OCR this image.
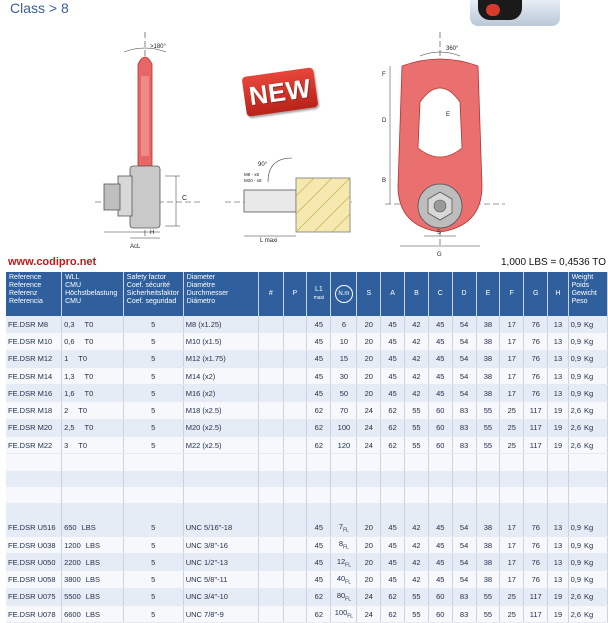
Class > 8
>180°
C
AcL
H
90°
M8 - x8
M20 - x8
L maxi
360°
F
D
E
B
S
G
NEW
www.codipro.net	1,000 LBS = 0,4536 TO
Reference
Reference
Referenz
Referencia	WLL
CMU
Höchstbelastung
CMU	Safety factor
Coef. sécurité
Sicherheitsfaktor
Coef. seguridad	Diameter
Diamètre
Durchmesser
Diámetro	#	P	L1
maxi	N.m	S	A	B	C	D	E	F	G	H	Weight
Poids
Gewicht
Peso
FE.DSR M8	0,3 T0	5	M8 (x1.25)			45	6	20	45	42	45	54	38	17	76	13	0,9 Kg
FE.DSR M10	0,6 T0	5	M10 (x1.5)			45	10	20	45	42	45	54	38	17	76	13	0,9 Kg
FE.DSR M12	1 T0	5	M12 (x1.75)			45	15	20	45	42	45	54	38	17	76	13	0,9 Kg
FE.DSR M14	1,3 T0	5	M14 (x2)			45	30	20	45	42	45	54	38	17	76	13	0,9 Kg
FE.DSR M16	1,6 T0	5	M16 (x2)			45	50	20	45	42	45	54	38	17	76	13	0,9 Kg
FE.DSR M18	2 T0	5	M18 (x2.5)			62	70	24	62	55	60	83	55	25	117	19	2,6 Kg
FE.DSR M20	2,5 T0	5	M20 (x2.5)			62	100	24	62	55	60	83	55	25	117	19	2,6 Kg
FE.DSR M22	3 T0	5	M22 (x2.5)			62	120	24	62	55	60	83	55	25	117	19	2,6 Kg

FE.DSR U516	650 LBS	5	UNC 5/16"-18			45	$7_{FL}$	20	45	42	45	54	38	17	76	13	0,9 Kg
FE.DSR U038	1200 LBS	5	UNC 3/8"-16			45	$8_{FL}$	20	45	42	45	54	38	17	76	13	0,9 Kg
FE.DSR U050	2200 LBS	5	UNC 1/2"-13			45	$12_{FL}$	20	45	42	45	54	38	17	76	13	0,9 Kg
FE.DSR U058	3800 LBS	5	UNC 5/8"-11			45	$40_{FL}$	20	45	42	45	54	38	17	76	13	0,9 Kg
FE.DSR U075	5500 LBS	5	UNC 3/4"-10			62	$80_{FL}$	24	62	55	60	83	55	25	117	19	2,6 Kg
FE.DSR U078	6600 LBS	5	UNC 7/8"-9			62	$100_{FL}$	24	62	55	60	83	55	25	117	19	2,6 Kg
